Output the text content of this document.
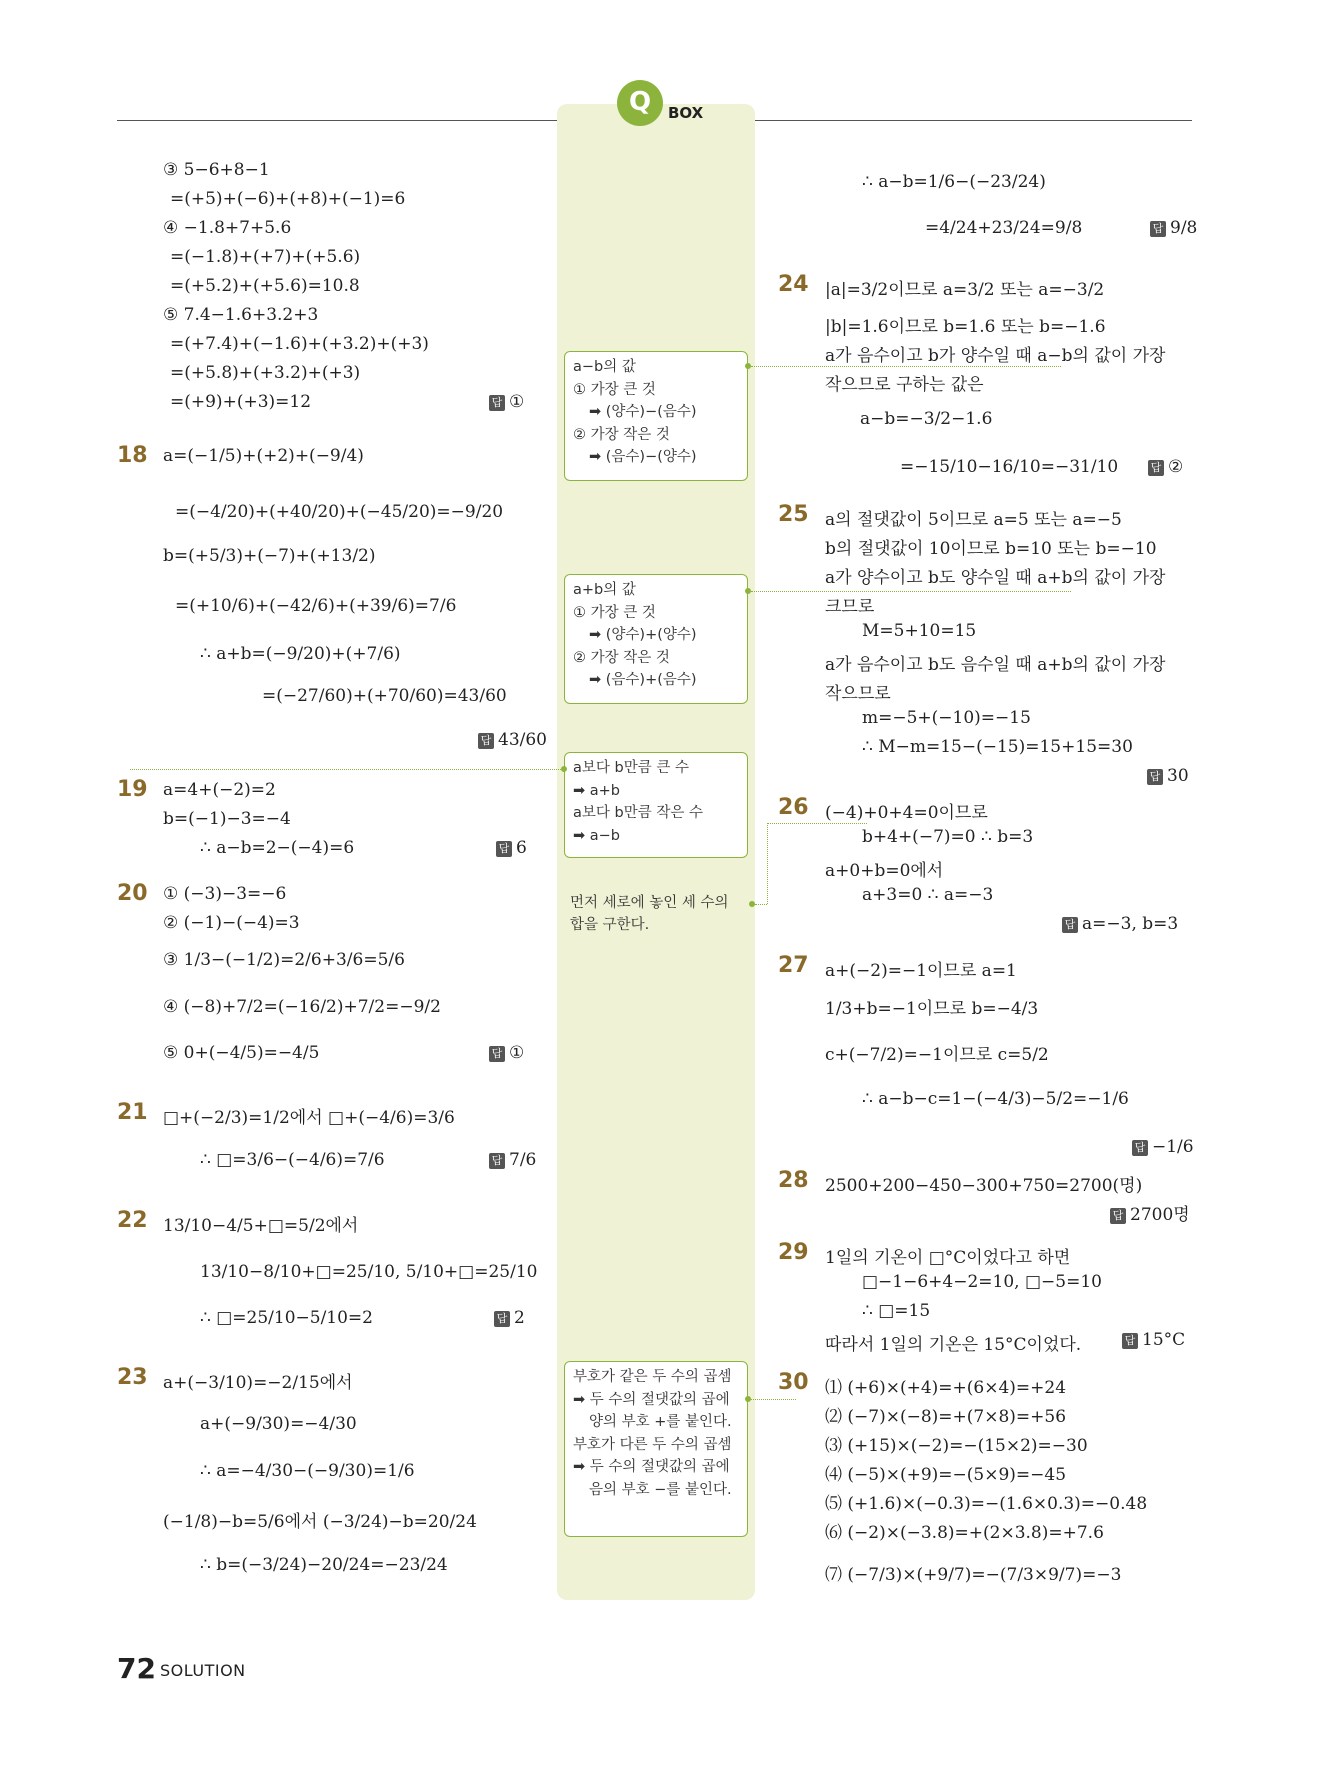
Q	BOX
a−b의 값
① 가장 큰 것
➡ (양수)−(음수)
② 가장 작은 것
➡ (음수)−(양수)
a+b의 값
① 가장 큰 것
➡ (양수)+(양수)
② 가장 작은 것
➡ (음수)+(음수)
a보다 b만큼 큰 수
➡ a+b
a보다 b만큼 작은 수
➡ a−b
먼저 세로에 놓인 세 수의
합을 구한다.
부호가 같은 두 수의 곱셈
➡ 두 수의 절댓값의 곱에
양의 부호 +를 붙인다.
부호가 다른 두 수의 곱셈
➡ 두 수의 절댓값의 곱에
음의 부호 −를 붙인다.
③ 5−6+8−1
=(+5)+(−6)+(+8)+(−1)=6
④ −1.8+7+5.6
=(−1.8)+(+7)+(+5.6)
=(+5.2)+(+5.6)=10.8
⑤ 7.4−1.6+3.2+3
=(+7.4)+(−1.6)+(+3.2)+(+3)
=(+5.8)+(+3.2)+(+3)
=(+9)+(+3)=12	답 ①
18 a=(−1/5)+(+2)+(−9/4)
=(−4/20)+(+40/20)+(−45/20)=−9/20
b=(+5/3)+(−7)+(+13/2)
=(+10/6)+(−42/6)+(+39/6)=7/6
∴ a+b=(−9/20)+(+7/6)
=(−27/60)+(+70/60)=43/60
답 43/60
19 a=4+(−2)=2
b=(−1)−3=−4
∴ a−b=2−(−4)=6	답 6
20 ① (−3)−3=−6
② (−1)−(−4)=3
③ 1/3−(−1/2)=2/6+3/6=5/6
④ (−8)+7/2=(−16/2)+7/2=−9/2
⑤ 0+(−4/5)=−4/5	답 ①
21 □+(−2/3)=1/2에서 □+(−4/6)=3/6
∴ □=3/6−(−4/6)=7/6	답 7/6
22 13/10−4/5+□=5/2에서
13/10−8/10+□=25/10, 5/10+□=25/10
∴ □=25/10−5/10=2	답 2
23 a+(−3/10)=−2/15에서
a+(−9/30)=−4/30
∴ a=−4/30−(−9/30)=1/6
(−1/8)−b=5/6에서 (−3/24)−b=20/24
∴ b=(−3/24)−20/24=−23/24
∴ a−b=1/6−(−23/24)
=4/24+23/24=9/8	답 9/8
24 |a|=3/2이므로 a=3/2 또는 a=−3/2
|b|=1.6이므로 b=1.6 또는 b=−1.6
a가 음수이고 b가 양수일 때 a−b의 값이 가장
작으므로 구하는 값은
a−b=−3/2−1.6
=−15/10−16/10=−31/10	답 ②
25 a의 절댓값이 5이므로 a=5 또는 a=−5
b의 절댓값이 10이므로 b=10 또는 b=−10
a가 양수이고 b도 양수일 때 a+b의 값이 가장
크므로
M=5+10=15
a가 음수이고 b도 음수일 때 a+b의 값이 가장
작으므로
m=−5+(−10)=−15
∴ M−m=15−(−15)=15+15=30
답 30
26 (−4)+0+4=0이므로
b+4+(−7)=0 ∴ b=3
a+0+b=0에서
a+3=0 ∴ a=−3
답 a=−3, b=3
27 a+(−2)=−1이므로 a=1
1/3+b=−1이므로 b=−4/3
c+(−7/2)=−1이므로 c=5/2
∴ a−b−c=1−(−4/3)−5/2=−1/6
답 −1/6
28 2500+200−450−300+750=2700(명)
답 2700명
29 1일의 기온이 □°C이었다고 하면
□−1−6+4−2=10, □−5=10
∴ □=15
따라서 1일의 기온은 15°C이었다.	답 15°C
30 ⑴ (+6)×(+4)=+(6×4)=+24
⑵ (−7)×(−8)=+(7×8)=+56
⑶ (+15)×(−2)=−(15×2)=−30
⑷ (−5)×(+9)=−(5×9)=−45
⑸ (+1.6)×(−0.3)=−(1.6×0.3)=−0.48
⑹ (−2)×(−3.8)=+(2×3.8)=+7.6
⑺ (−7/3)×(+9/7)=−(7/3×9/7)=−3
72 SOLUTION
